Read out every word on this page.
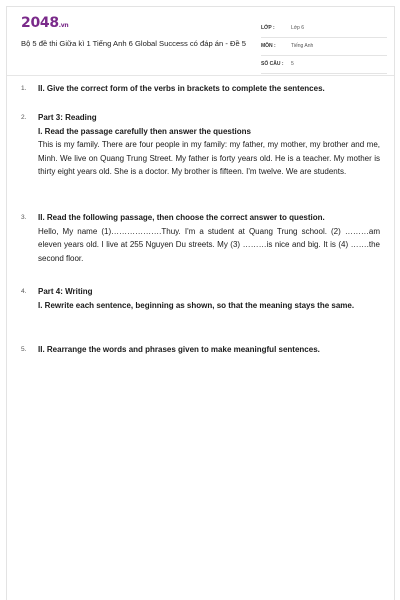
2048.vn
Bộ 5 đề thi Giữa kì 1 Tiếng Anh 6 Global Success có đáp án - Đề 5
LỚP :	Lớp 6
MÔN :	Tiếng Anh
SỐ CÂU : 5
1. II. Give the correct form of the verbs in brackets to complete the sentences.
2. Part 3: Reading
I. Read the passage carefully then answer the questions
This is my family. There are four people in my family: my father, my mother, my brother and me, Minh. We live on Quang Trung Street. My father is forty years old. He is a teacher. My mother is thirty eight years old. She is a doctor. My brother is fifteen. I'm twelve. We are students.
3. II. Read the following passage, then choose the correct answer to question.
Hello, My name (1)……………….Thuy. I'm a student at Quang Trung school. (2) ………am eleven years old. I live at 255 Nguyen Du streets. My (3) ………is nice and big. It is (4) …….the second floor.
4. Part 4: Writing
I. Rewrite each sentence, beginning as shown, so that the meaning stays the same.
5. II. Rearrange the words and phrases given to make meaningful sentences.
